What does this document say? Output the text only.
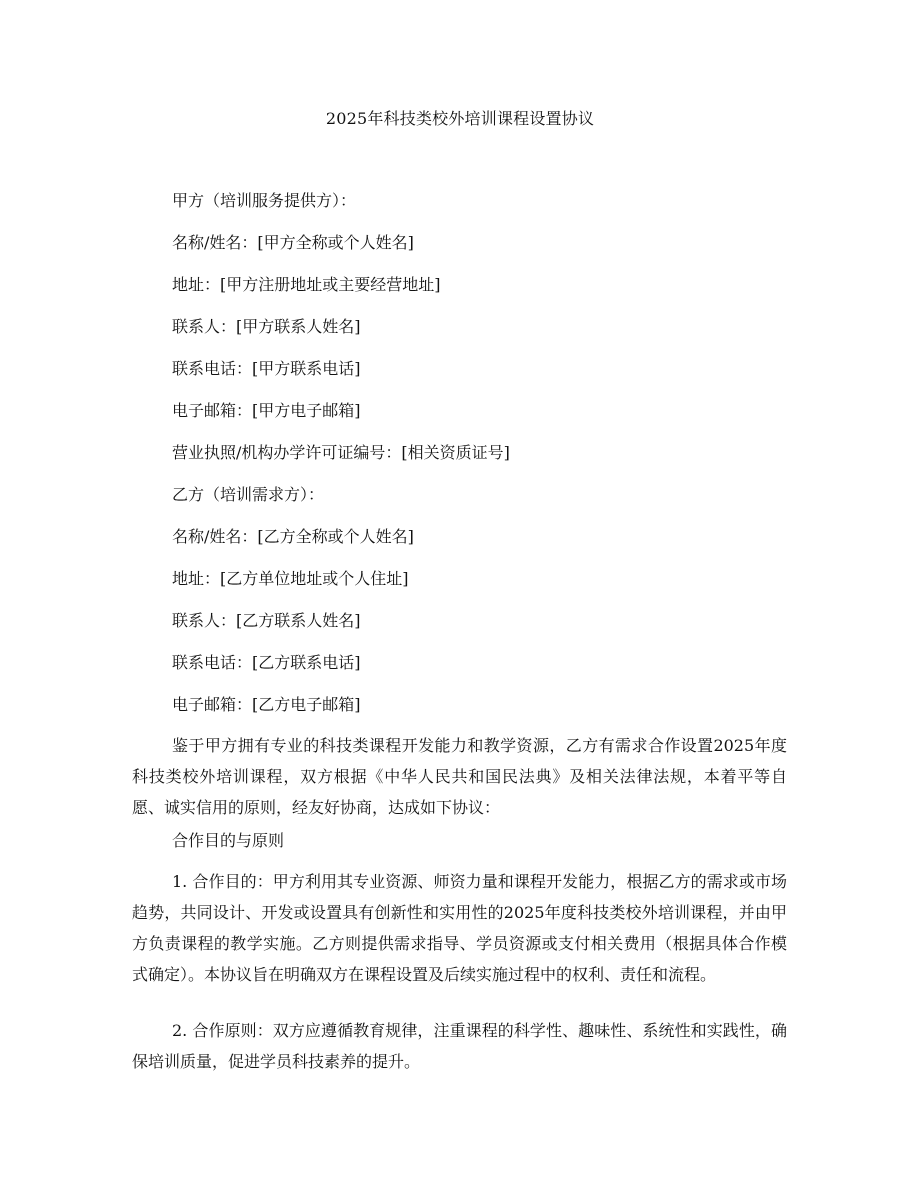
2025年科技类校外培训课程设置协议
甲方（培训服务提供方）：
名称/姓名：[甲方全称或个人姓名]
地址：[甲方注册地址或主要经营地址]
联系人：[甲方联系人姓名]
联系电话：[甲方联系电话]
电子邮箱：[甲方电子邮箱]
营业执照/机构办学许可证编号：[相关资质证号]
乙方（培训需求方）：
名称/姓名：[乙方全称或个人姓名]
地址：[乙方单位地址或个人住址]
联系人：[乙方联系人姓名]
联系电话：[乙方联系电话]
电子邮箱：[乙方电子邮箱]
鉴于甲方拥有专业的科技类课程开发能力和教学资源，乙方有需求合作设置2025年度科技类校外培训课程，双方根据《中华人民共和国民法典》及相关法律法规，本着平等自愿、诚实信用的原则，经友好协商，达成如下协议：
合作目的与原则
1. 合作目的：甲方利用其专业资源、师资力量和课程开发能力，根据乙方的需求或市场趋势，共同设计、开发或设置具有创新性和实用性的2025年度科技类校外培训课程，并由甲方负责课程的教学实施。乙方则提供需求指导、学员资源或支付相关费用（根据具体合作模式确定）。本协议旨在明确双方在课程设置及后续实施过程中的权利、责任和流程。
2. 合作原则：双方应遵循教育规律，注重课程的科学性、趣味性、系统性和实践性，确保培训质量，促进学员科技素养的提升。
